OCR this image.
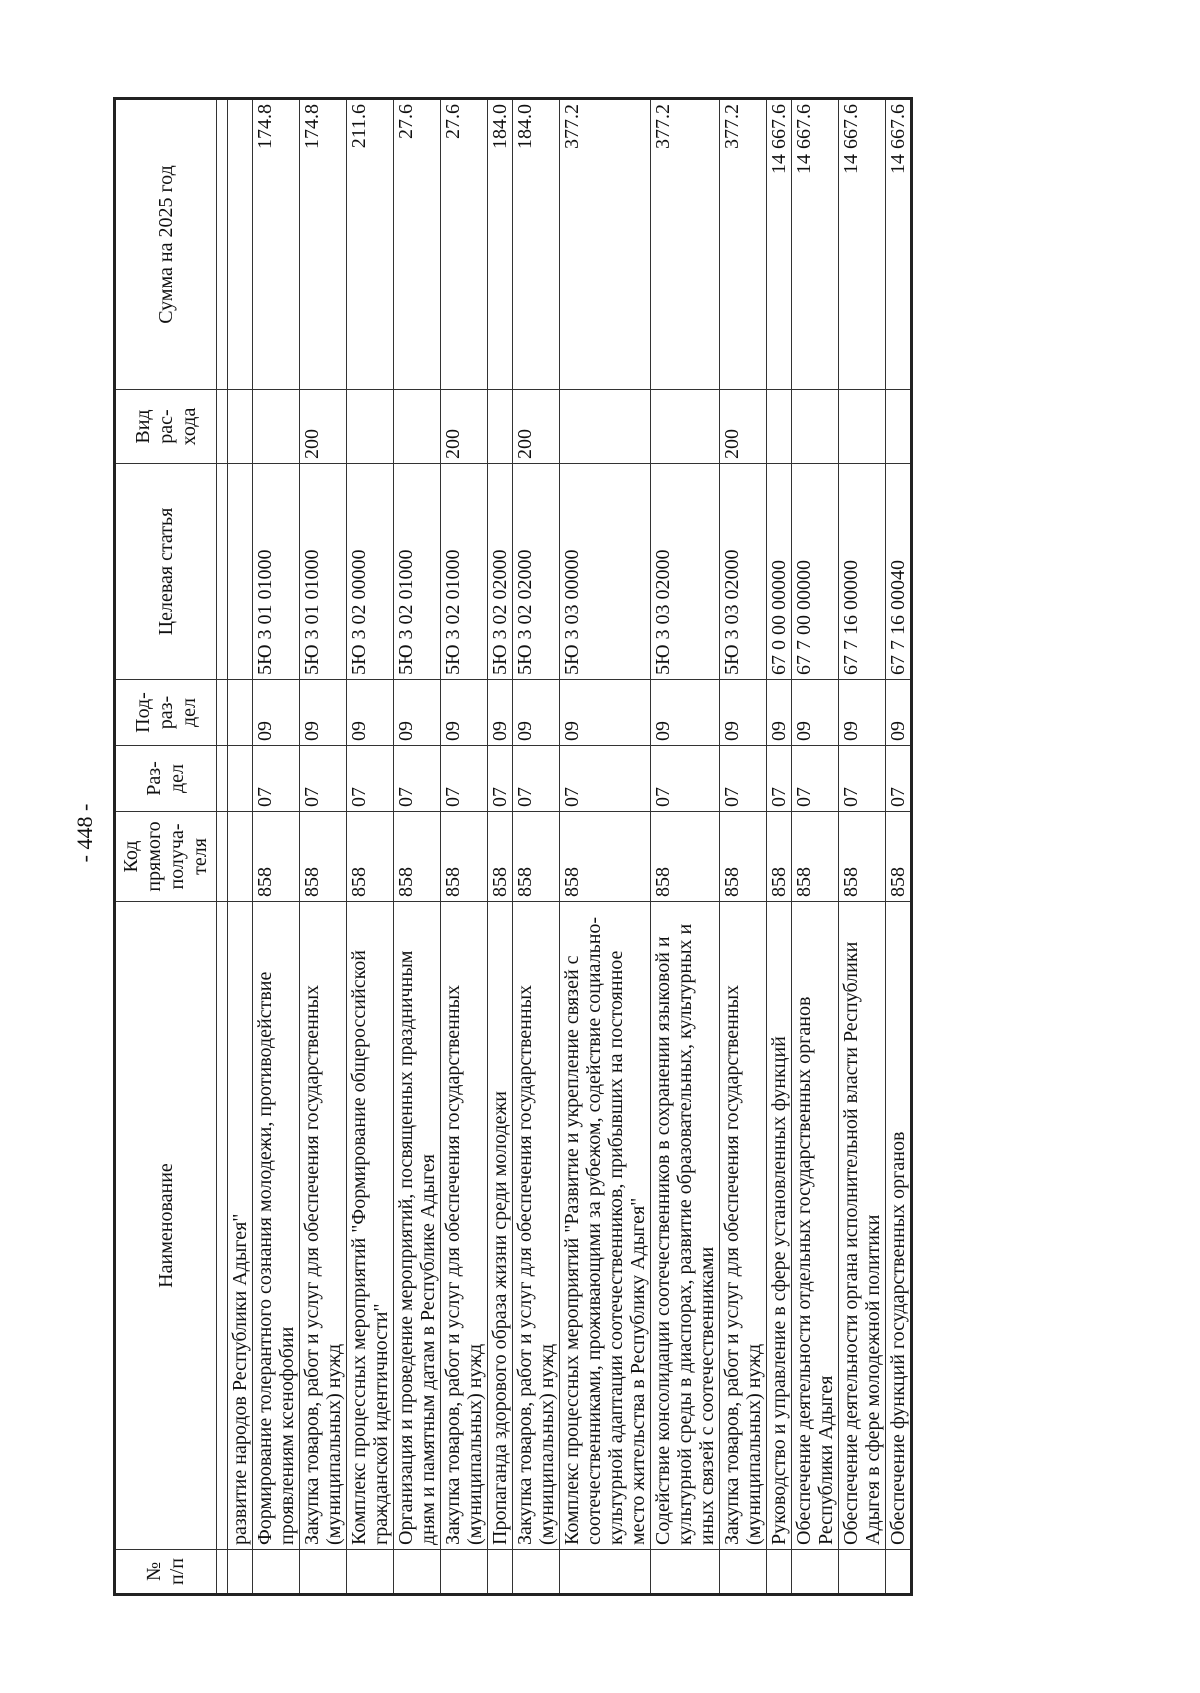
- 448 -
№ п/п	Наименование	Код прямого получа-теля	Раз-дел	Под-раз-дел	Целевая статья	Вид рас-хода	Сумма на 2025 год

	развитие народов Республики Адыгея"						
	Формирование толерантного сознания молодежи, противодействие проявлениям ксенофобии	858	07	09	5Ю 3 01 01000		174.8
	Закупка товаров, работ и услуг для обеспечения государственных (муниципальных) нужд	858	07	09	5Ю 3 01 01000	200	174.8
	Комплекс процессных мероприятий "Формирование общероссийской гражданской идентичности"	858	07	09	5Ю 3 02 00000		211.6
	Организация и проведение мероприятий, посвященных праздничным дням и памятным датам в Республике Адыгея	858	07	09	5Ю 3 02 01000		27.6
	Закупка товаров, работ и услуг для обеспечения государственных (муниципальных) нужд	858	07	09	5Ю 3 02 01000	200	27.6
	Пропаганда здорового образа жизни среди молодежи	858	07	09	5Ю 3 02 02000		184.0
	Закупка товаров, работ и услуг для обеспечения государственных (муниципальных) нужд	858	07	09	5Ю 3 02 02000	200	184.0
	Комплекс процессных мероприятий "Развитие и укрепление связей с соотечественниками, проживающими за рубежом, содействие социально-культурной адаптации соотечественников, прибывших на постоянное место жительства в Республику Адыгея"	858	07	09	5Ю 3 03 00000		377.2
	Содействие консолидации соотечественников в сохранении языковой и культурной среды в диаспорах, развитие образовательных, культурных и иных связей с соотечественниками	858	07	09	5Ю 3 03 02000		377.2
	Закупка товаров, работ и услуг для обеспечения государственных (муниципальных) нужд	858	07	09	5Ю 3 03 02000	200	377.2
	Руководство и управление в сфере установленных функций	858	07	09	67 0 00 00000		14 667.6
	Обеспечение деятельности отдельных государственных органов Республики Адыгея	858	07	09	67 7 00 00000		14 667.6
	Обеспечение деятельности органа исполнительной власти Республики Адыгея в сфере молодежной политики	858	07	09	67 7 16 00000		14 667.6
	Обеспечение функций государственных органов	858	07	09	67 7 16 00040		14 667.6
